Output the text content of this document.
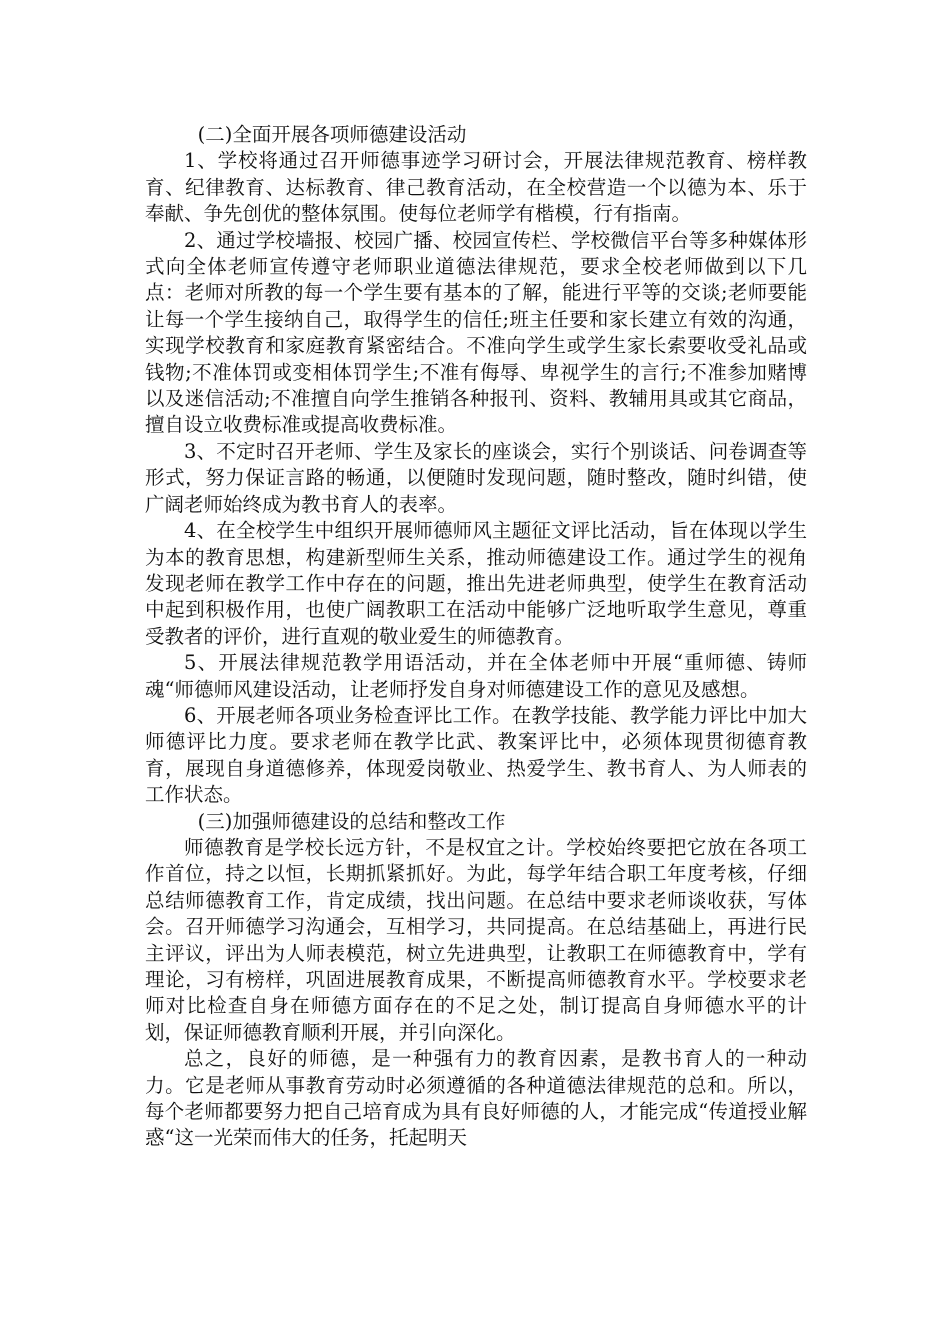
(二)全面开展各项师德建设活动

1、学校将通过召开师德事迹学习研讨会，开展法律规范教育、榜样教育、纪律教育、达标教育、律己教育活动，在全校营造一个以德为本、乐于奉献、争先创优的整体氛围。使每位老师学有楷模，行有指南。

2、通过学校墙报、校园广播、校园宣传栏、学校微信平台等多种媒体形式向全体老师宣传遵守老师职业道德法律规范，要求全校老师做到以下几点：老师对所教的每一个学生要有基本的了解，能进行平等的交谈;老师要能让每一个学生接纳自己，取得学生的信任;班主任要和家长建立有效的沟通，实现学校教育和家庭教育紧密结合。不准向学生或学生家长索要收受礼品或钱物;不准体罚或变相体罚学生;不准有侮辱、卑视学生的言行;不准参加赌博以及迷信活动;不准擅自向学生推销各种报刊、资料、教辅用具或其它商品，擅自设立收费标准或提高收费标准。

3、不定时召开老师、学生及家长的座谈会，实行个别谈话、问卷调查等形式，努力保证言路的畅通，以便随时发现问题，随时整改，随时纠错，使广阔老师始终成为教书育人的表率。

4、在全校学生中组织开展师德师风主题征文评比活动，旨在体现以学生为本的教育思想，构建新型师生关系，推动师德建设工作。通过学生的视角发现老师在教学工作中存在的问题，推出先进老师典型，使学生在教育活动中起到积极作用，也使广阔教职工在活动中能够广泛地听取学生意见，尊重受教者的评价，进行直观的敬业爱生的师德教育。

5、开展法律规范教学用语活动，并在全体老师中开展“重师德、铸师魂“师德师风建设活动，让老师抒发自身对师德建设工作的意见及感想。

6、开展老师各项业务检查评比工作。在教学技能、教学能力评比中加大师德评比力度。要求老师在教学比武、教案评比中，必须体现贯彻德育教育，展现自身道德修养，体现爱岗敬业、热爱学生、教书育人、为人师表的工作状态。

(三)加强师德建设的总结和整改工作

师德教育是学校长远方针，不是权宜之计。学校始终要把它放在各项工作首位，持之以恒，长期抓紧抓好。为此，每学年结合职工年度考核，仔细总结师德教育工作，肯定成绩，找出问题。在总结中要求老师谈收获，写体会。召开师德学习沟通会，互相学习，共同提高。在总结基础上，再进行民主评议，评出为人师表模范，树立先进典型，让教职工在师德教育中，学有理论，习有榜样，巩固进展教育成果，不断提高师德教育水平。学校要求老师对比检查自身在师德方面存在的不足之处，制订提高自身师德水平的计划，保证师德教育顺利开展，并引向深化。

总之，良好的师德，是一种强有力的教育因素，是教书育人的一种动力。它是老师从事教育劳动时必须遵循的各种道德法律规范的总和。所以，每个老师都要努力把自己培育成为具有良好师德的人，才能完成“传道授业解惑“这一光荣而伟大的任务，托起明天
